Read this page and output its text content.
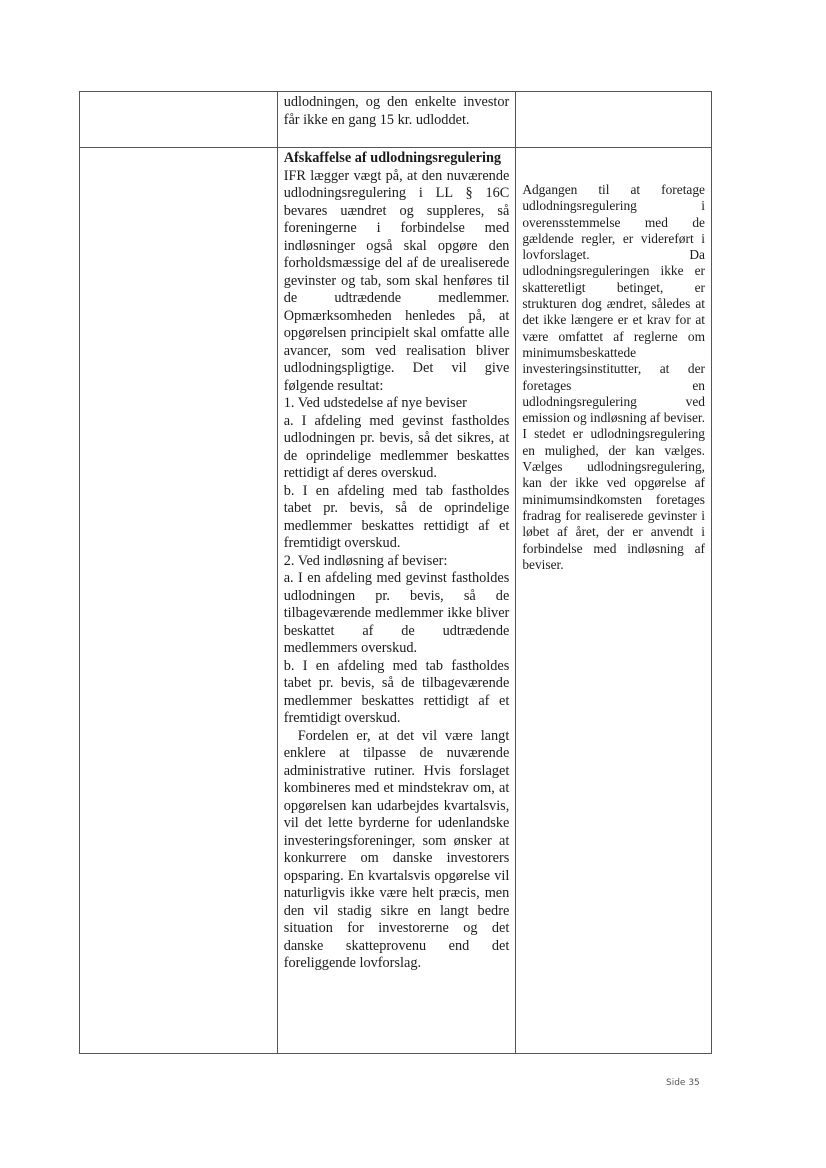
udlodningen, og den enkelte investor får ikke en gang 15 kr. udloddet.

Afskaffelse af udlodningsregulering

IFR lægger vægt på, at den nuværende udlodningsregulering i LL § 16C bevares uændret og suppleres, så foreningerne i forbindelse med indløsninger også skal opgøre den forholdsmæssige del af de urealiserede gevinster og tab, som skal henføres til de udtrædende medlemmer. Opmærksomheden henledes på, at opgørelsen principielt skal omfatte alle avancer, som ved realisation bliver udlodningspligtige. Det vil give følgende resultat:

1. Ved udstedelse af nye beviser

a. I afdeling med gevinst fastholdes udlodningen pr. bevis, så det sikres, at de oprindelige medlemmer beskattes rettidigt af deres overskud.

b. I en afdeling med tab fastholdes tabet pr. bevis, så de oprindelige medlemmer beskattes rettidigt af et fremtidigt overskud.

2. Ved indløsning af beviser:

a. I en afdeling med gevinst fastholdes udlodningen pr. bevis, så de tilbageværende medlemmer ikke bliver beskattet af de udtrædende medlemmers overskud.

b. I en afdeling med tab fastholdes tabet pr. bevis, så de tilbageværende medlemmer beskattes rettidigt af et fremtidigt overskud.

Fordelen er, at det vil være langt enklere at tilpasse de nuværende administrative rutiner. Hvis forslaget kombineres med et mindstekrav om, at opgørelsen kan udarbejdes kvartalsvis, vil det lette byrderne for udenlandske investeringsforeninger, som ønsker at konkurrere om danske investorers opsparing. En kvartalsvis opgørelse vil naturligvis ikke være helt præcis, men den vil stadig sikre en langt bedre situation for investorerne og det danske skatteprovenu end det foreliggende lovforslag.

Adgangen til at foretage udlodningsregulering i overensstemmelse med de gældende regler, er videreført i lovforslaget. Da udlodningsreguleringen ikke er skatteretligt betinget, er strukturen dog ændret, således at det ikke længere er et krav for at være omfattet af reglerne om minimumsbeskattede investeringsinstitutter, at der foretages en udlodningsregulering ved emission og indløsning af beviser. I stedet er udlodningsregulering en mulighed, der kan vælges. Vælges udlodningsregulering, kan der ikke ved opgørelse af minimumsindkomsten foretages fradrag for realiserede gevinster i løbet af året, der er anvendt i forbindelse med indløsning af beviser.

Side 35
